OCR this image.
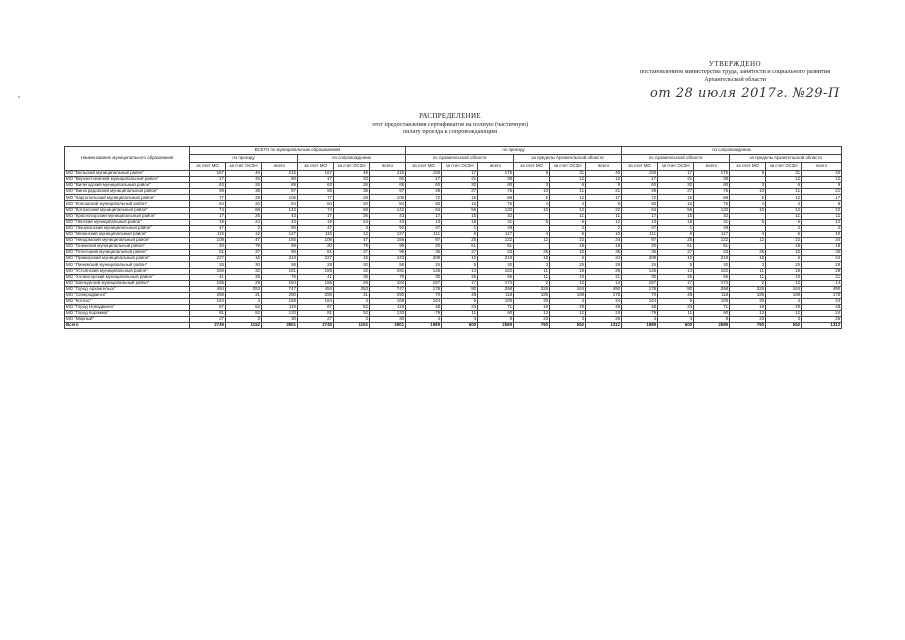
УТВЕРЖДЕНО
постановлением министерства труда, занятости и социального развития
Архангельской области
от 28 июля 2017г. №29-П
РАСПРЕДЕЛЕНИЕ
этот предоставления сертификатов на полную (частичную)
оплату проезда к сопровождающим
Наименование муниципального образования	ВСЕГО по муниципальным образованиям						по проезду						по сопровождению					
	по проезду			по сопровождению			по Архангельской области			за пределы Архангельской области			по Архангельской области			за пределы Архангельской области		
	за счет МО	за счет ОСЗН	всего	за счет МО	за счет ОСЗН	всего	за счет МО	за счет ОСЗН	всего	за счет МО	за счет ОСЗН	всего	за счет МО	за счет ОСЗН	всего	за счет МО	за счет ОСЗН	всего
МО "Вельский муниципальный район"	167	48	215	167	48	215	158	17	175	9	31	40	158	17	175	9	31	40
МО "Верхнетоемский муниципальный район"	17	33	50	17	33	50	17	21	38		12	12	17	21	38		12	12
МО "Вилегодский муниципальный район"	63	26	89	63	26	89	60	20	80	3	6	9	60	20	80	3	6	9
МО "Виноградовский муниципальный район"	59	38	97	59	38	97	49	27	76	10	11	21	49	27	76	10	11	21
МО "Каргопольский муниципальный район"	77	28	105	77	28	105	72	16	88	5	12	17	72	16	88	5	12	17
МО "Коношский муниципальный район"	64	20	84	64	20	84	60	16	76	4	4	8	60	16	76	4	4	8
МО "Котласский муниципальный район"	74	68	142	74	68	142	64	56	120	10	12	22	64	56	120	10	12	22
МО "Красноборский муниципальный район"	17	26	43	17	26	43	17	15	32		11	11	17	15	32		11	11
МО "Ленский муниципальный район"	19	24	43	19	24	43	13	18	31	6	6	12	13	18	31	6	6	12
МО "Лешуконский муниципальный район"	47	3	50	47	3	50	47	1	48		2	2	47	1	48		2	2
МО "Мезенский муниципальный район"	115	12	127	115	12	127	111	6	117	4	6	10	111	6	117	4	6	10
МО "Няндомский муниципальный район"	109	47	156	109	47	156	97	25	122	12	22	34	97	25	122	12	22	34
МО "Онежский муниципальный район"	20	79	99	20	79	99	20	61	81		18	18	20	61	81		18	18
МО "Плесецкий муниципальный район"	61	37	98	61	37	98	36	27	63	25	10	35	36	27	63	25	10	35
МО "Приморский муниципальный район"	227	16	243	227	16	243	209	10	219	18	6	24	209	10	219	18	6	24
МО "Пинежский муниципальный район"	28	30	58	28	30	58	25	5	30	3	25	28	25	5	30	3	25	28
МО "Устьянский муниципальный район"	159	32	191	159	32	191	148	14	162	11	18	29	148	14	162	11	18	29
МО "Холмогорский муниципальный район"	41	35	76	41	35	76	30	25	55	11	10	21	30	25	55	11	10	21
МО "Шенкурский муниципальный район"	155	29	184	155	29	184	157	17	174	2	12	14	157	17	174	2	12	14
МО "Город Архангельск"	494	253	747	494	253	747	178	80	258	326	164	490	178	80	258	326	164	490
МО "Северодвинск"	259	31	290	259	31	290	70	48	118	189	169	178	70	48	118	189	169	178
МО "Котлас"	164	4	168	164	4	168	164	5	169	20	4	24	164	5	169	20	4	24
МО "Город Новодвинск"	67	52	119	67	52	119	48	23	71	19	29	48	48	23	71	19	29	48
МО "Город Коряжма"	81	52	133	81	52	133	79	11	90	12	12	24	79	11	90	12	12	24
МО "Мирный"	27	3	30	27	3	30	4	4	8	23	3	26	4	4	8	23	3	26
Всего	2749	1152	3901	2749	1152	3901	1989	600	2589	760	552	1312	1989	600	2589	760	552	1312
